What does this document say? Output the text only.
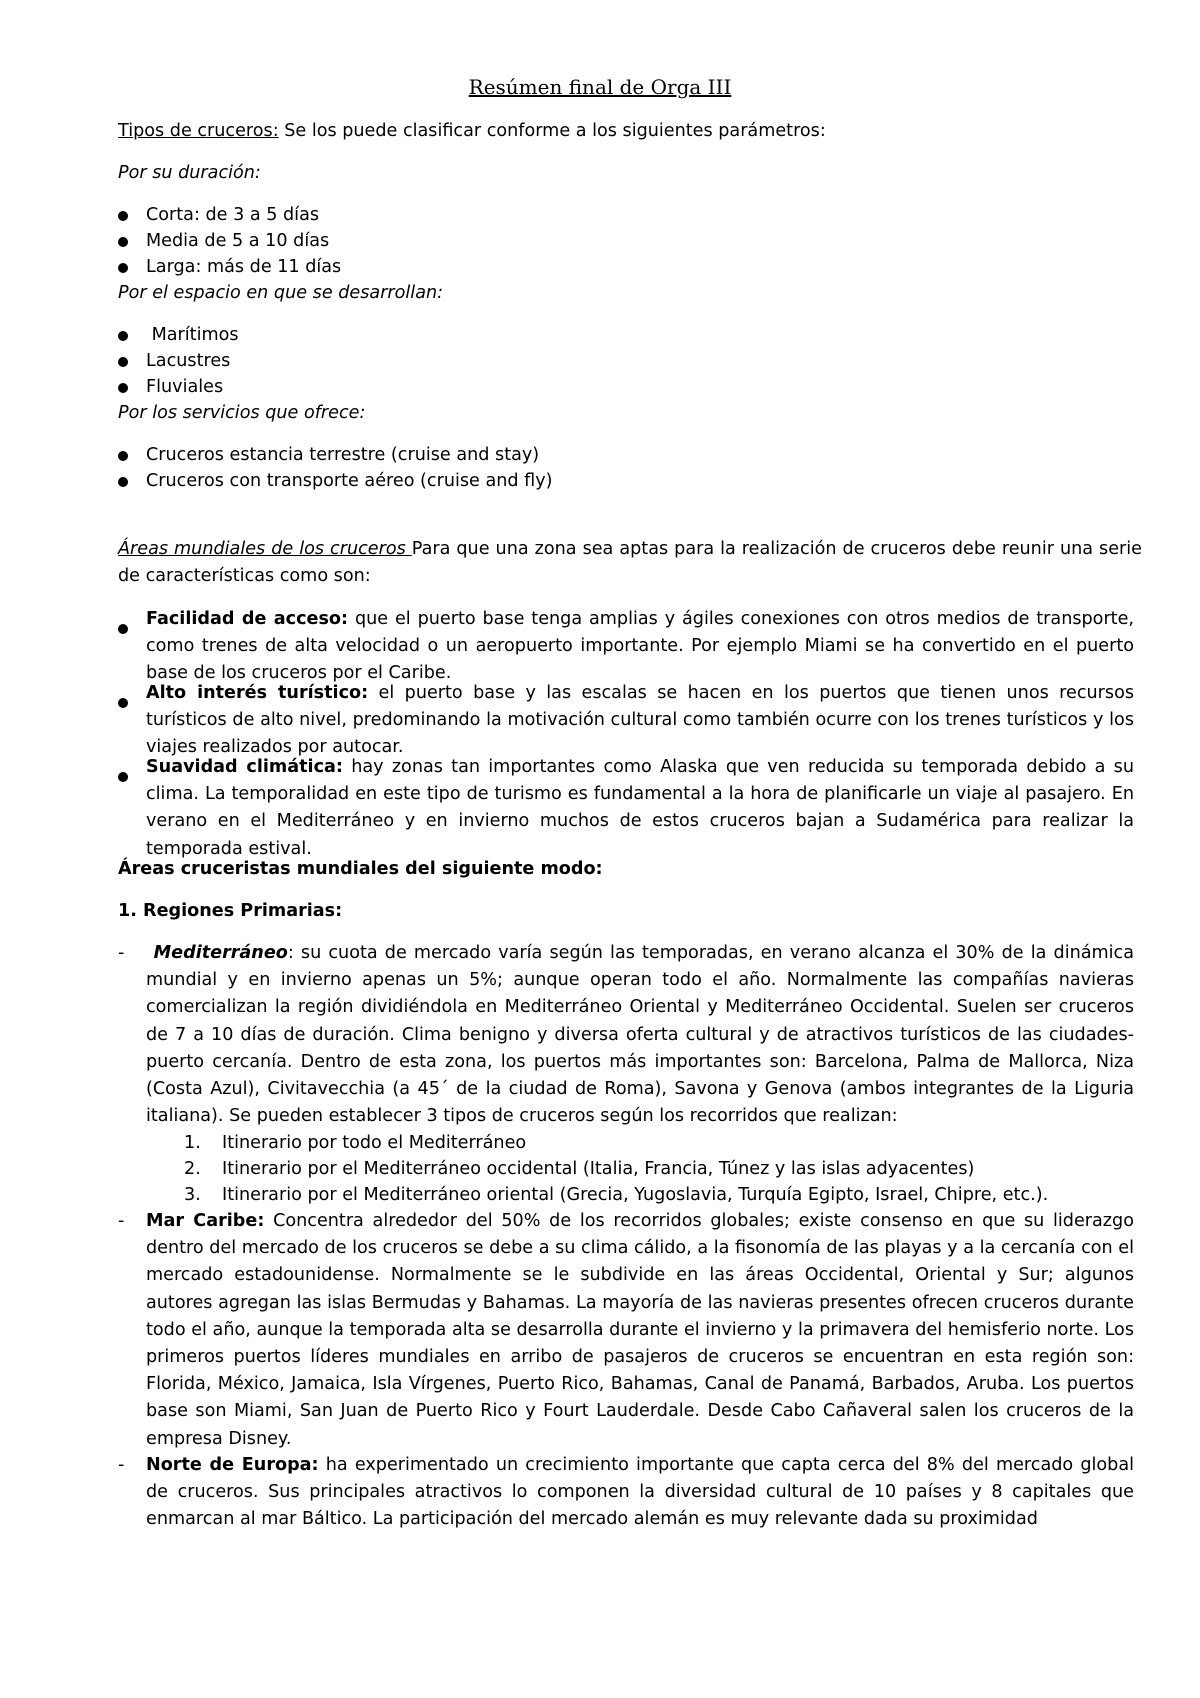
Resúmen final de Orga III

Tipos de cruceros: Se los puede clasificar conforme a los siguientes parámetros:

Por su duración:

Corta: de 3 a 5 días
Media de 5 a 10 días
Larga: más de 11 días

Por el espacio en que se desarrollan:

Marítimos
Lacustres
Fluviales

Por los servicios que ofrece:

Cruceros estancia terrestre (cruise and stay)
Cruceros con transporte aéreo (cruise and fly)

Áreas mundiales de los cruceros Para que una zona sea aptas para la realización de cruceros debe reunir una serie de características como son:

Facilidad de acceso: que el puerto base tenga amplias y ágiles conexiones con otros medios de transporte, como trenes de alta velocidad o un aeropuerto importante. Por ejemplo Miami se ha convertido en el puerto base de los cruceros por el Caribe.

Alto interés turístico: el puerto base y las escalas se hacen en los puertos que tienen unos recursos turísticos de alto nivel, predominando la motivación cultural como también ocurre con los trenes turísticos y los viajes realizados por autocar.

Suavidad climática: hay zonas tan importantes como Alaska que ven reducida su temporada debido a su clima. La temporalidad en este tipo de turismo es fundamental a la hora de planificarle un viaje al pasajero. En verano en el Mediterráneo y en invierno muchos de estos cruceros bajan a Sudamérica para realizar la temporada estival.

Áreas cruceristas mundiales del siguiente modo:

1. Regiones Primarias:

-	Mediterráneo: su cuota de mercado varía según las temporadas, en verano alcanza el 30% de la dinámica mundial y en invierno apenas un 5%; aunque operan todo el año. Normalmente las compañías navieras comercializan la región dividiéndola en Mediterráneo Oriental y Mediterráneo Occidental. Suelen ser cruceros de 7 a 10 días de duración. Clima benigno y diversa oferta cultural y de atractivos turísticos de las ciudades-puerto cercanía. Dentro de esta zona, los puertos más importantes son: Barcelona, Palma de Mallorca, Niza (Costa Azul), Civitavecchia (a 45´ de la ciudad de Roma), Savona y Genova (ambos integrantes de la Liguria italiana). Se pueden establecer 3 tipos de cruceros según los recorridos que realizan:

1. Itinerario por todo el Mediterráneo
2. Itinerario por el Mediterráneo occidental (Italia, Francia, Túnez y las islas adyacentes)
3. Itinerario por el Mediterráneo oriental (Grecia, Yugoslavia, Turquía Egipto, Israel, Chipre, etc.).
-	Mar Caribe: Concentra alrededor del 50% de los recorridos globales; existe consenso en que su liderazgo dentro del mercado de los cruceros se debe a su clima cálido, a la fisonomía de las playas y a la cercanía con el mercado estadounidense. Normalmente se le subdivide en las áreas Occidental, Oriental y Sur; algunos autores agregan las islas Bermudas y Bahamas. La mayoría de las navieras presentes ofrecen cruceros durante todo el año, aunque la temporada alta se desarrolla durante el invierno y la primavera del hemisferio norte. Los primeros puertos líderes mundiales en arribo de pasajeros de cruceros se encuentran en esta región son: Florida, México, Jamaica, Isla Vírgenes, Puerto Rico, Bahamas, Canal de Panamá, Barbados, Aruba. Los puertos base son Miami, San Juan de Puerto Rico y Fourt Lauderdale. Desde Cabo Cañaveral salen los cruceros de la empresa Disney.

-	Norte de Europa: ha experimentado un crecimiento importante que capta cerca del 8% del mercado global de cruceros. Sus principales atractivos lo componen la diversidad cultural de 10 países y 8 capitales que enmarcan al mar Báltico. La participación del mercado alemán es muy relevante dada su proximidad
